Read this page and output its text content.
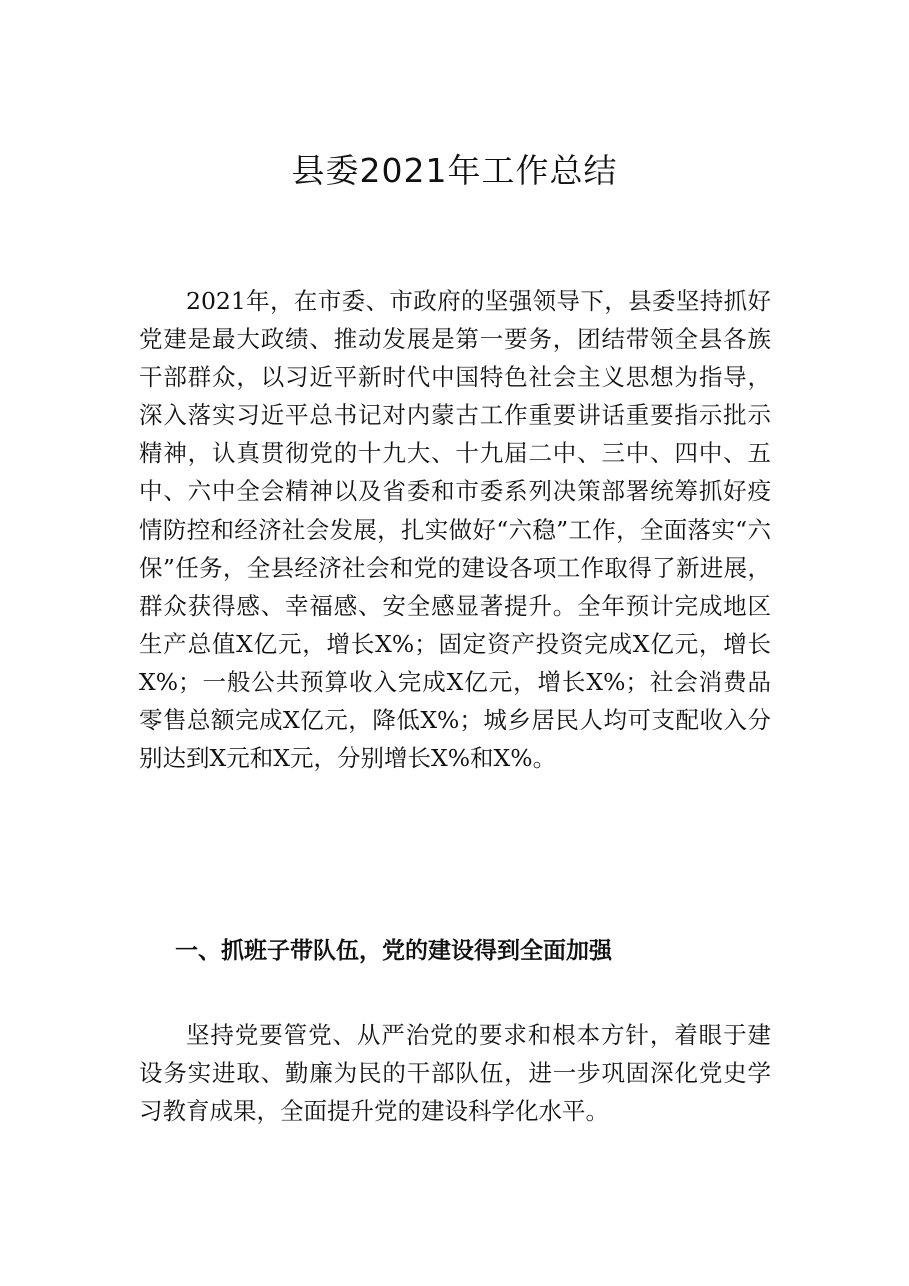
县委2021年工作总结

2021年，在市委、市政府的坚强领导下，县委坚持抓好党建是最大政绩、推动发展是第一要务，团结带领全县各族干部群众，以习近平新时代中国特色社会主义思想为指导，深入落实习近平总书记对内蒙古工作重要讲话重要指示批示精神，认真贯彻党的十九大、十九届二中、三中、四中、五中、六中全会精神以及省委和市委系列决策部署统筹抓好疫情防控和经济社会发展，扎实做好“六稳”工作，全面落实“六保”任务，全县经济社会和党的建设各项工作取得了新进展，群众获得感、幸福感、安全感显著提升。全年预计完成地区生产总值X亿元，增长X%；固定资产投资完成X亿元，增长X%；一般公共预算收入完成X亿元，增长X%；社会消费品零售总额完成X亿元，降低X%；城乡居民人均可支配收入分别达到X元和X元，分别增长X%和X%。

一、抓班子带队伍，党的建设得到全面加强

坚持党要管党、从严治党的要求和根本方针，着眼于建设务实进取、勤廉为民的干部队伍，进一步巩固深化党史学习教育成果，全面提升党的建设科学化水平。
